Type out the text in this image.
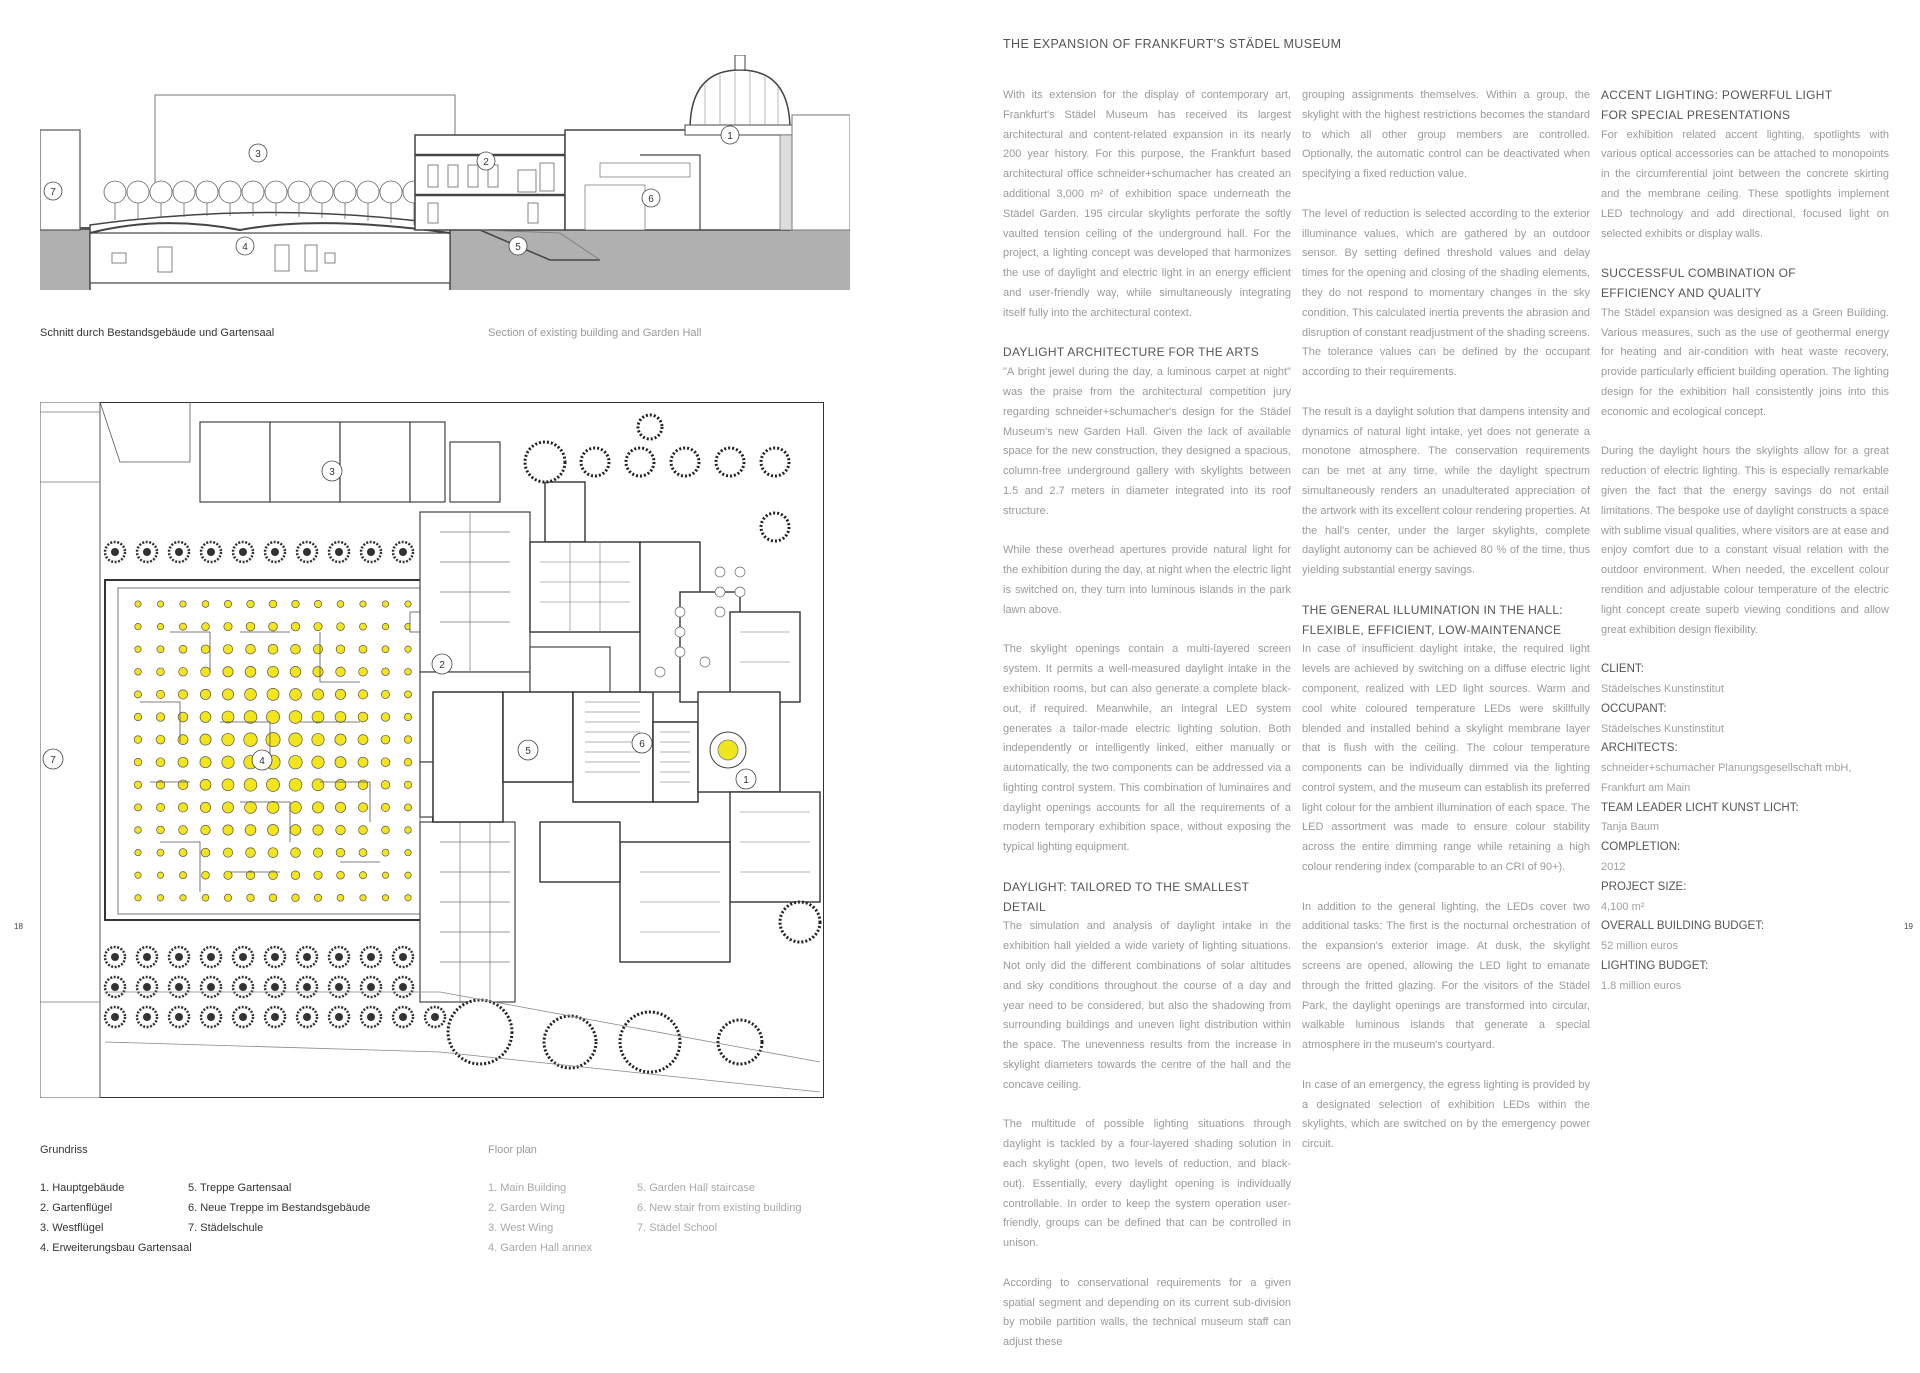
7
3
2
1
6
4	5
Schnitt durch Bestandsgebäude und Gartensaal	Section of existing building and Garden Hall
3
2
4
5
6
1
7
18
Grundriss	Floor plan
1. Hauptgebäude
2. Gartenflügel
3. Westflügel
4. Erweiterungsbau Gartensaal
5. Treppe Gartensaal
6. Neue Treppe im Bestandsgebäude
7. Städelschule
1. Main Building
2. Garden Wing
3. West Wing
4. Garden Hall annex
5. Garden Hall staircase
6. New stair from existing building
7. Städel School
THE EXPANSION OF FRANKFURT'S STÄDEL MUSEUM

With its extension for the display of contemporary art, Frankfurt's Städel Museum has received its largest architectural and content-related expansion in its nearly 200 year history. For this purpose, the Frankfurt based architectural office schneider+schumacher has created an additional 3,000 m² of exhibition space underneath the Städel Garden. 195 circular skylights perforate the softly vaulted tension ceiling of the underground hall. For the project, a lighting concept was developed that harmonizes the use of daylight and electric light in an energy efficient and user-friendly way, while simultaneously integrating itself fully into the architectural context.

DAYLIGHT ARCHITECTURE FOR THE ARTS

"A bright jewel during the day, a luminous carpet at night" was the praise from the architectural competition jury regarding schneider+schumacher's design for the Städel Museum's new Garden Hall. Given the lack of available space for the new construction, they designed a spacious, column-free underground gallery with skylights between 1.5 and 2.7 meters in diameter integrated into its roof structure.

While these overhead apertures provide natural light for the exhibition during the day, at night when the electric light is switched on, they turn into luminous islands in the park lawn above.

The skylight openings contain a multi-layered screen system. It permits a well-measured daylight intake in the exhibition rooms, but can also generate a complete black-out, if required. Meanwhile, an integral LED system generates a tailor-made electric lighting solution. Both independently or intelligently linked, either manually or automatically, the two components can be addressed via a lighting control system. This combination of luminaires and daylight openings accounts for all the requirements of a modern temporary exhibition space, without exposing the typical lighting equipment.

DAYLIGHT: TAILORED TO THE SMALLEST DETAIL

The simulation and analysis of daylight intake in the exhibition hall yielded a wide variety of lighting situations. Not only did the different combinations of solar altitudes and sky conditions throughout the course of a day and year need to be considered, but also the shadowing from surrounding buildings and uneven light distribution within the space. The unevenness results from the increase in skylight diameters towards the centre of the hall and the concave ceiling.

The multitude of possible lighting situations through daylight is tackled by a four-layered shading solution in each skylight (open, two levels of reduction, and black-out). Essentially, every daylight opening is individually controllable. In order to keep the system operation user-friendly, groups can be defined that can be controlled in unison.

According to conservational requirements for a given spatial segment and depending on its current sub-division by mobile partition walls, the technical museum staff can adjust these

grouping assignments themselves. Within a group, the skylight with the highest restrictions becomes the standard to which all other group members are controlled. Optionally, the automatic control can be deactivated when specifying a fixed reduction value.

The level of reduction is selected according to the exterior illuminance values, which are gathered by an outdoor sensor. By setting defined threshold values and delay times for the opening and closing of the shading elements, they do not respond to momentary changes in the sky condition. This calculated inertia prevents the abrasion and disruption of constant readjustment of the shading screens. The tolerance values can be defined by the occupant according to their requirements.

The result is a daylight solution that dampens intensity and dynamics of natural light intake, yet does not generate a monotone atmosphere. The conservation requirements can be met at any time, while the daylight spectrum simultaneously renders an unadulterated appreciation of the artwork with its excellent colour rendering properties. At the hall's center, under the larger skylights, complete daylight autonomy can be achieved 80 % of the time, thus yielding substantial energy savings.

THE GENERAL ILLUMINATION IN THE HALL:
FLEXIBLE, EFFICIENT, LOW-MAINTENANCE

In case of insufficient daylight intake, the required light levels are achieved by switching on a diffuse electric light component, realized with LED light sources. Warm and cool white coloured temperature LEDs were skillfully blended and installed behind a skylight membrane layer that is flush with the ceiling. The colour temperature components can be individually dimmed via the lighting control system, and the museum can establish its preferred light colour for the ambient illumination of each space. The LED assortment was made to ensure colour stability across the entire dimming range while retaining a high colour rendering index (comparable to an CRI of 90+).

In addition to the general lighting, the LEDs cover two additional tasks: The first is the nocturnal orchestration of the expansion's exterior image. At dusk, the skylight screens are opened, allowing the LED light to emanate through the fritted glazing. For the visitors of the Städel Park, the daylight openings are transformed into circular, walkable luminous islands that generate a special atmosphere in the museum's courtyard.

In case of an emergency, the egress lighting is provided by a designated selection of exhibition LEDs within the skylights, which are switched on by the emergency power circuit.

ACCENT LIGHTING: POWERFUL LIGHT
FOR SPECIAL PRESENTATIONS

For exhibition related accent lighting, spotlights with various optical accessories can be attached to monopoints in the circumferential joint between the concrete skirting and the membrane ceiling. These spotlights implement LED technology and add directional, focused light on selected exhibits or display walls.

SUCCESSFUL COMBINATION OF
EFFICIENCY AND QUALITY

The Städel expansion was designed as a Green Building. Various measures, such as the use of geothermal energy for heating and air-condition with heat waste recovery, provide particularly efficient building operation. The lighting design for the exhibition hall consistently joins into this economic and ecological concept.

During the daylight hours the skylights allow for a great reduction of electric lighting. This is especially remarkable given the fact that the energy savings do not entail limitations. The bespoke use of daylight constructs a space with sublime visual qualities, where visitors are at ease and enjoy comfort due to a constant visual relation with the outdoor environment. When needed, the excellent colour rendition and adjustable colour temperature of the electric light concept create superb viewing conditions and allow great exhibition design flexibility.

CLIENT:
Städelsches Kunstinstitut
OCCUPANT:
Städelsches Kunstinstitut
ARCHITECTS:
schneider+schumacher Planungsgesellschaft mbH,
Frankfurt am Main
TEAM LEADER LICHT KUNST LICHT:
Tanja Baum
COMPLETION:
2012
PROJECT SIZE:
4,100 m²
OVERALL BUILDING BUDGET:
52 million euros
LIGHTING BUDGET:
1.8 million euros
19
